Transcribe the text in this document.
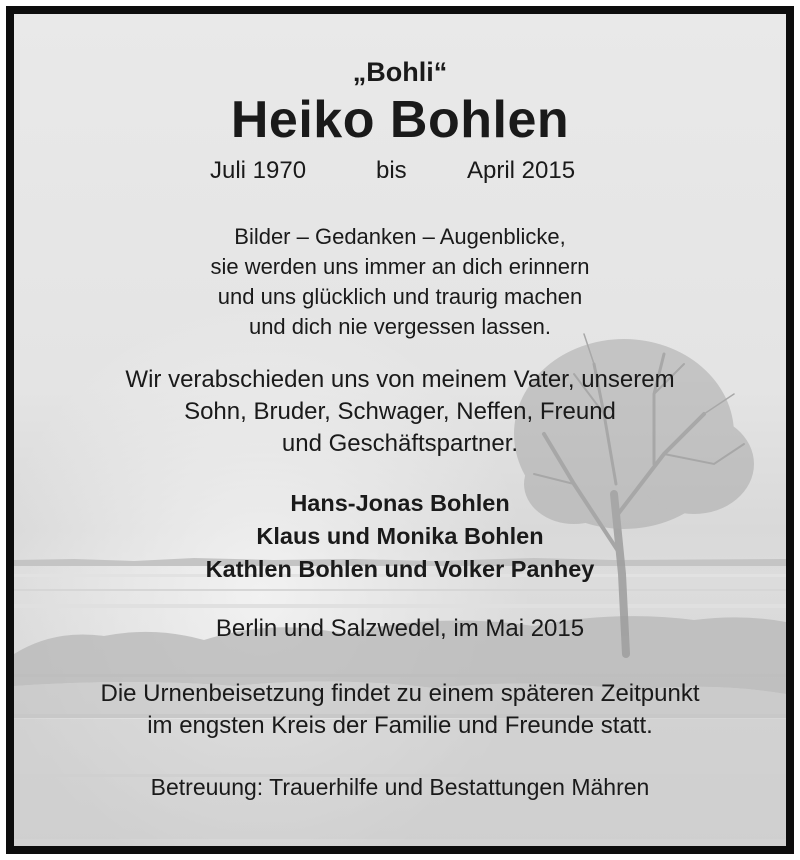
„Bohli“
Heiko Bohlen
Juli 1970	bis	April 2015
Bilder – Gedanken – Augenblicke,
sie werden uns immer an dich erinnern
und uns glücklich und traurig machen
und dich nie vergessen lassen.
Wir verabschieden uns von meinem Vater, unserem
Sohn, Bruder, Schwager, Neffen, Freund
und Geschäftspartner.
Hans-Jonas Bohlen
Klaus und Monika Bohlen
Kathlen Bohlen und Volker Panhey
Berlin und Salzwedel, im Mai 2015
Die Urnenbeisetzung findet zu einem späteren Zeitpunkt
im engsten Kreis der Familie und Freunde statt.
Betreuung: Trauerhilfe und Bestattungen Mähren
